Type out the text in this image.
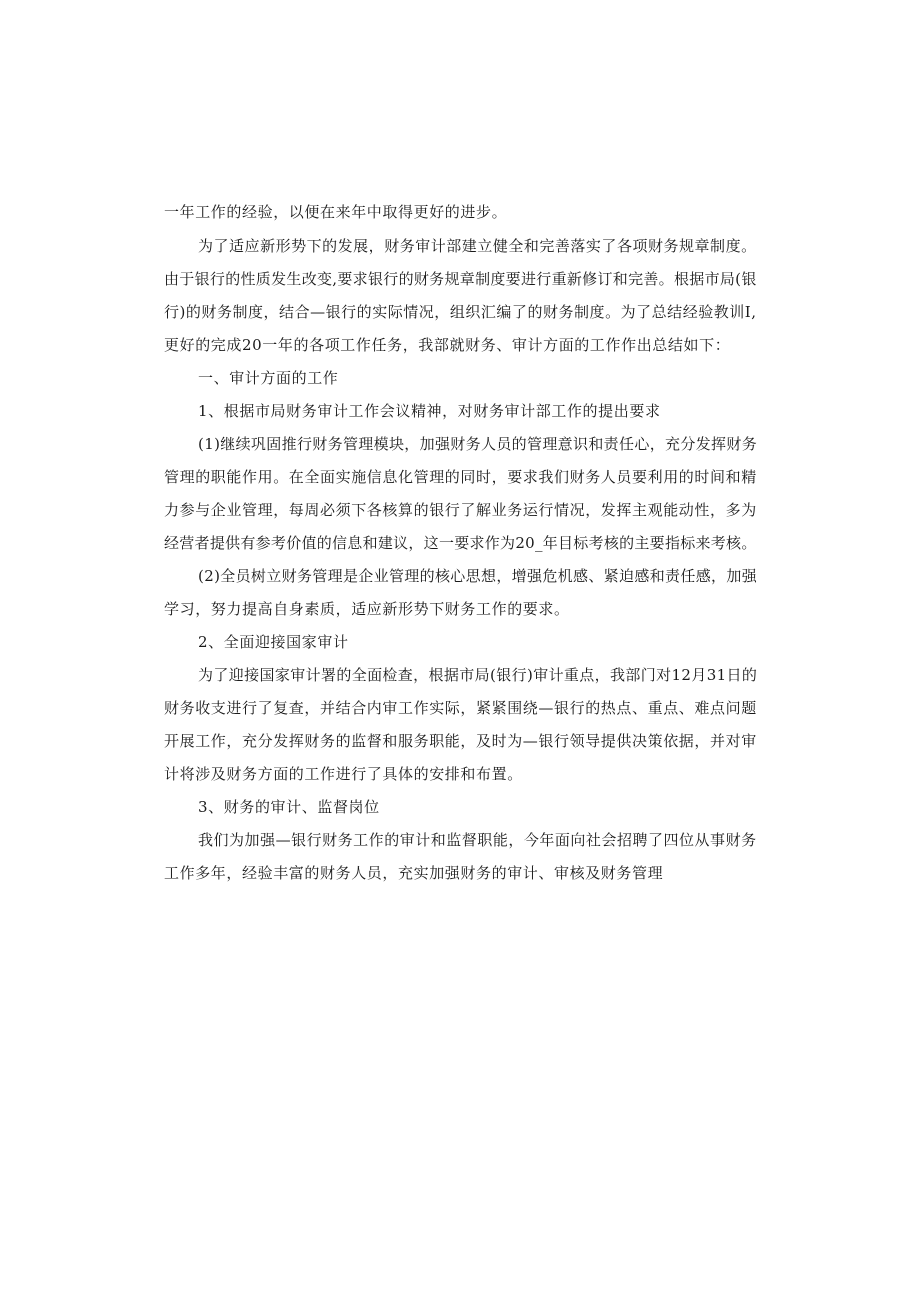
一年工作的经验，以便在来年中取得更好的进步。
为了适应新形势下的发展，财务审计部建立健全和完善落实了各项财务规章制度。
由于银行的性质发生改变,要求银行的财务规章制度要进行重新修订和完善。根据市局(银
行)的财务制度，结合—银行的实际情况，组织汇编了的财务制度。为了总结经验教训I,
更好的完成20一年的各项工作任务，我部就财务、审计方面的工作作出总结如下：
一、审计方面的工作
1、根据市局财务审计工作会议精神，对财务审计部工作的提出要求
(1)继续巩固推行财务管理模块，加强财务人员的管理意识和责任心，充分发挥财务
管理的职能作用。在全面实施信息化管理的同时，要求我们财务人员要利用的时间和精
力参与企业管理，每周必须下各核算的银行了解业务运行情况，发挥主观能动性，多为
经营者提供有参考价值的信息和建议，这一要求作为20_年目标考核的主要指标来考核。
(2)全员树立财务管理是企业管理的核心思想，增强危机感、紧迫感和责任感，加强
学习，努力提高自身素质，适应新形势下财务工作的要求。
2、全面迎接国家审计
为了迎接国家审计署的全面检查，根据市局(银行)审计重点，我部门对12月31日的
财务收支进行了复查，并结合内审工作实际，紧紧围绕—银行的热点、重点、难点问题
开展工作，充分发挥财务的监督和服务职能，及时为—银行领导提供决策依据，并对审
计将涉及财务方面的工作进行了具体的安排和布置。
3、财务的审计、监督岗位
我们为加强—银行财务工作的审计和监督职能，今年面向社会招聘了四位从事财务
工作多年，经验丰富的财务人员，充实加强财务的审计、审核及财务管理
